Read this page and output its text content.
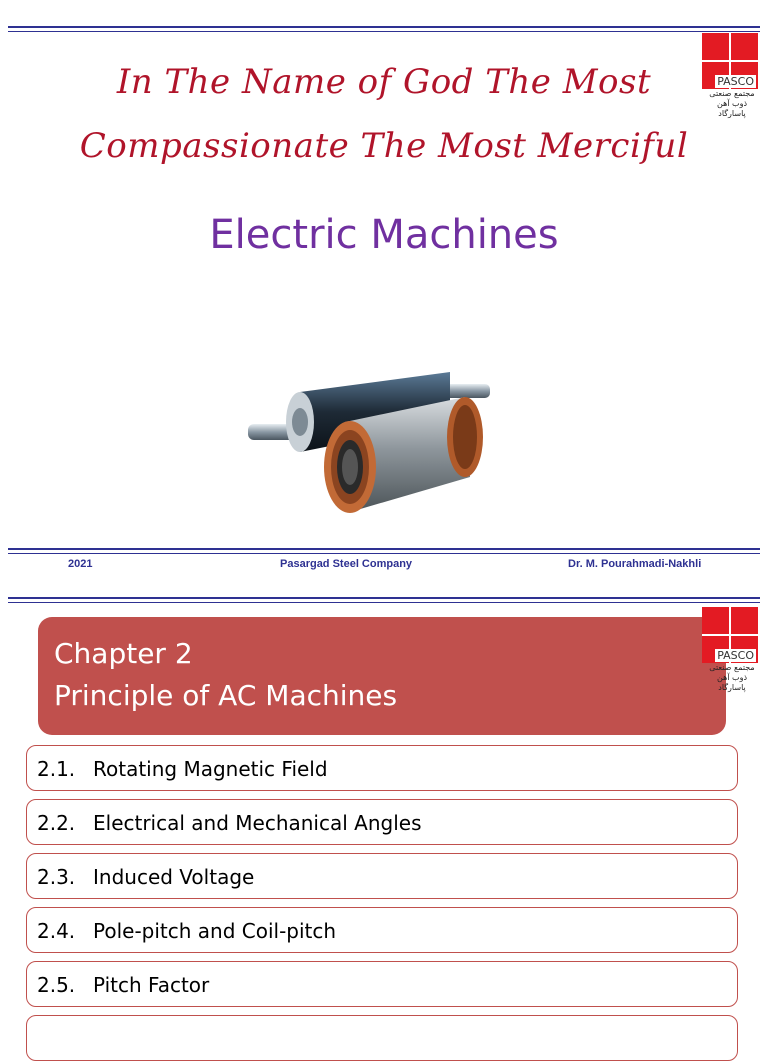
PASCO
مجتمع صنعتی ذوب آهن پاسارگاد
In The Name of God The Most
Compassionate The Most Merciful
Electric Machines
2021	Pasargad Steel Company	Dr. M. Pourahmadi-Nakhli
Chapter 2
Principle of AC Machines
PASCO
مجتمع صنعتی ذوب آهن پاسارگاد
2.1. Rotating Magnetic Field
2.2. Electrical and Mechanical Angles
2.3. Induced Voltage
2.4. Pole-pitch and Coil-pitch
2.5. Pitch Factor
